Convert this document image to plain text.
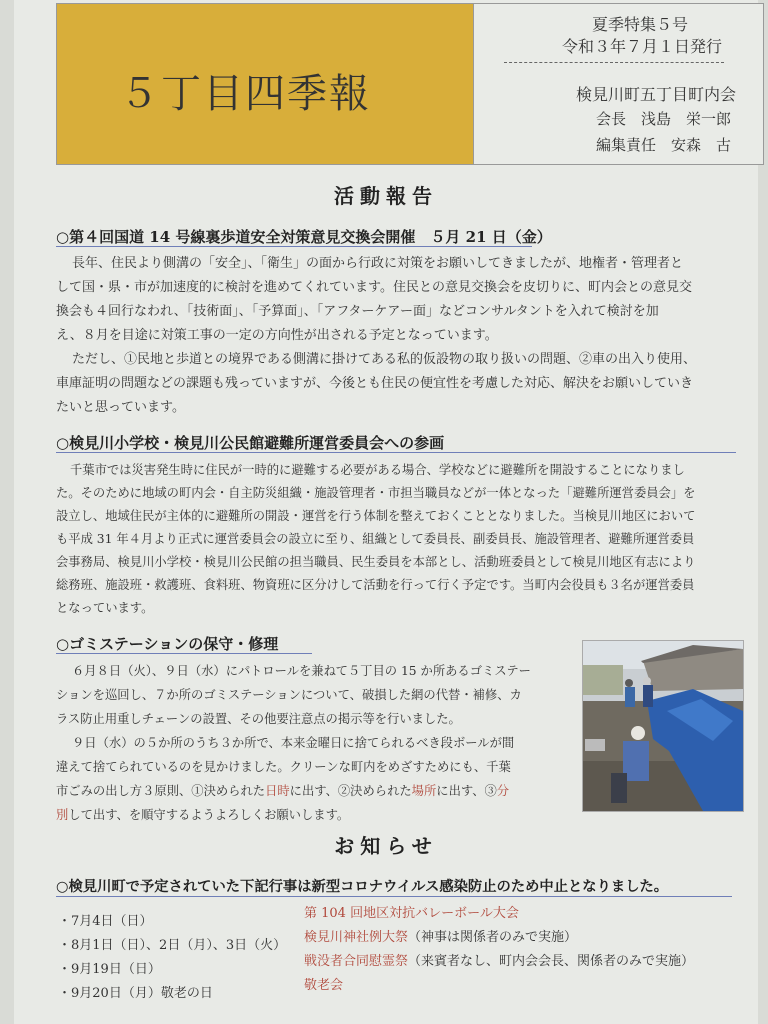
５丁目四季報
夏季特集５号
令和３年７月１日発行
検見川町五丁目町内会
会長　浅島　栄一郎
編集責任　安森　古
活動報告
○第４回国道 14 号線裏歩道安全対策意見交換会開催　５月 21 日（金）
長年、住民より側溝の「安全」、「衛生」の面から行政に対策をお願いしてきましたが、地権者・管理者と
して国・県・市が加速度的に検討を進めてくれています。住民との意見交換会を皮切りに、町内会との意見交
換会も４回行なわれ、「技術面」、「予算面」、「アフターケアー面」などコンサルタントを入れて検討を加
え、８月を目途に対策工事の一定の方向性が出される予定となっています。
ただし、①民地と歩道との境界である側溝に掛けてある私的仮設物の取り扱いの問題、②車の出入り使用、
車庫証明の問題などの課題も残っていますが、今後とも住民の便宜性を考慮した対応、解決をお願いしていき
たいと思っています。
○検見川小学校・検見川公民館避難所運営委員会への参画
千葉市では災害発生時に住民が一時的に避難する必要がある場合、学校などに避難所を開設することになりまし
た。そのために地域の町内会・自主防災組織・施設管理者・市担当職員などが一体となった「避難所運営委員会」を
設立し、地域住民が主体的に避難所の開設・運営を行う体制を整えておくこととなりました。当検見川地区において
も平成 31 年４月より正式に運営委員会の設立に至り、組織として委員長、副委員長、施設管理者、避難所運営委員
会事務局、検見川小学校・検見川公民館の担当職員、民生委員を本部とし、活動班委員として検見川地区有志により
総務班、施設班・救護班、食料班、物資班に区分けして活動を行って行く予定です。当町内会役員も３名が運営委員
となっています。
○ゴミステーションの保守・修理
６月８日（火）、９日（水）にパトロールを兼ねて５丁目の 15 か所あるゴミステー
ションを巡回し、７か所のゴミステーションについて、破損した網の代替・補修、カ
ラス防止用重しチェーンの設置、その他要注意点の掲示等を行いました。
９日（水）の５か所のうち３か所で、本来金曜日に捨てられるべき段ボールが間
違えて捨てられているのを見かけました。クリーンな町内をめざすためにも、千葉
市ごみの出し方３原則、①決められた日時に出す、②決められた場所に出す、③分
別して出す、を順守するようよろしくお願いします。
お知らせ
○検見川町で予定されていた下記行事は新型コロナウイルス感染防止のため中止となりました。
・7月4日（日）
第 104 回地区対抗バレーボール大会
・8月1日（日）、2日（月）、3日（火）
検見川神社例大祭（神事は関係者のみで実施）
・9月19日（日）
戦没者合同慰霊祭（来賓者なし、町内会会長、関係者のみで実施）
・9月20日（月）敬老の日
敬老会
